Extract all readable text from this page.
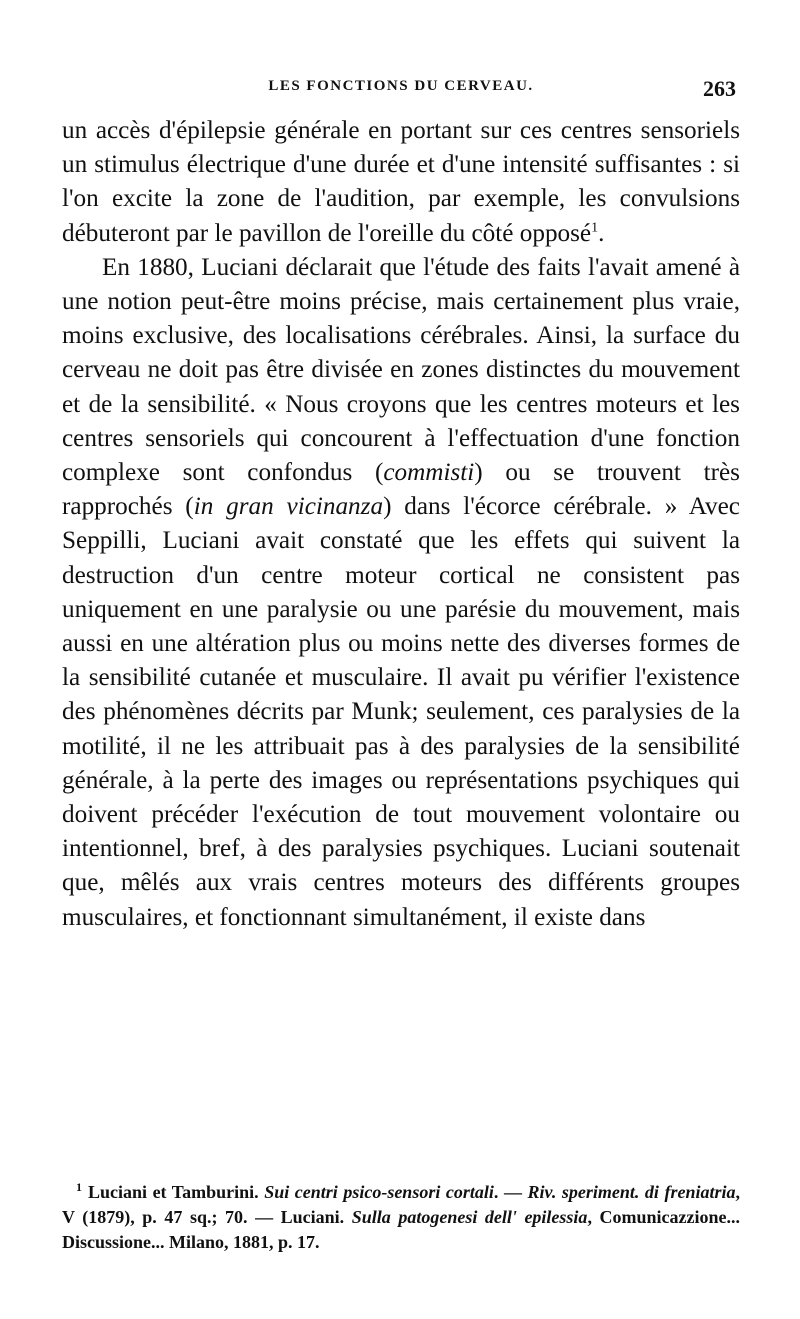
LES FONCTIONS DU CERVEAU.	263

un accès d'épilepsie générale en portant sur ces centres sensoriels un stimulus électrique d'une durée et d'une intensité suffisantes : si l'on excite la zone de l'audition, par exemple, les convulsions débuteront par le pavillon de l'oreille du côté opposé$^1$.

En 1880, Luciani déclarait que l'étude des faits l'avait amené à une notion peut-être moins précise, mais certainement plus vraie, moins exclusive, des localisations cérébrales. Ainsi, la surface du cerveau ne doit pas être divisée en zones distinctes du mouvement et de la sensibilité. « Nous croyons que les centres moteurs et les centres sensoriels qui concourent à l'effectuation d'une fonction complexe sont confondus (commisti) ou se trouvent très rapprochés (in gran vicinanza) dans l'écorce cérébrale. » Avec Seppilli, Luciani avait constaté que les effets qui suivent la destruction d'un centre moteur cortical ne consistent pas uniquement en une paralysie ou une parésie du mouvement, mais aussi en une altération plus ou moins nette des diverses formes de la sensibilité cutanée et musculaire. Il avait pu vérifier l'existence des phénomènes décrits par Munk; seulement, ces paralysies de la motilité, il ne les attribuait pas à des paralysies de la sensibilité générale, à la perte des images ou représentations psychiques qui doivent précéder l'exécution de tout mouvement volontaire ou intentionnel, bref, à des paralysies psychiques. Luciani soutenait que, mêlés aux vrais centres moteurs des différents groupes musculaires, et fonctionnant simultanément, il existe dans

$^1$ Luciani et Tamburini. Sui centri psico-sensori cortali. — Riv. speriment. di freniatria, V (1879), p. 47 sq.; 70. — Luciani. Sulla patogenesi dell' epilessia, Comunicazzione... Discussione... Milano, 1881, p. 17.
